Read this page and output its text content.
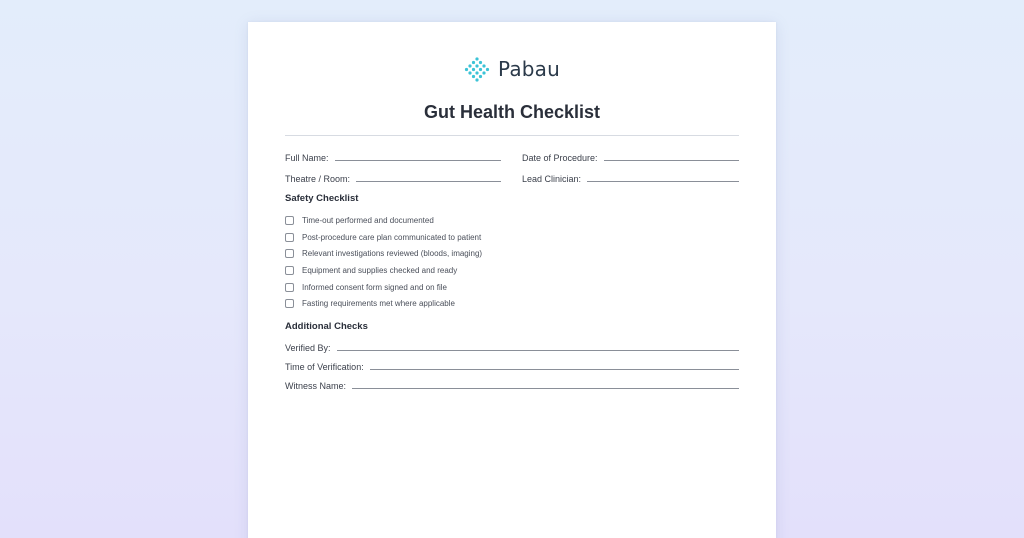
Pabau
Gut Health Checklist
Full Name:	Date of Procedure:
Theatre / Room:	Lead Clinician:
Safety Checklist
Time-out performed and documented
Post-procedure care plan communicated to patient
Relevant investigations reviewed (bloods, imaging)
Equipment and supplies checked and ready
Informed consent form signed and on file
Fasting requirements met where applicable
Additional Checks
Verified By:
Time of Verification:
Witness Name:
